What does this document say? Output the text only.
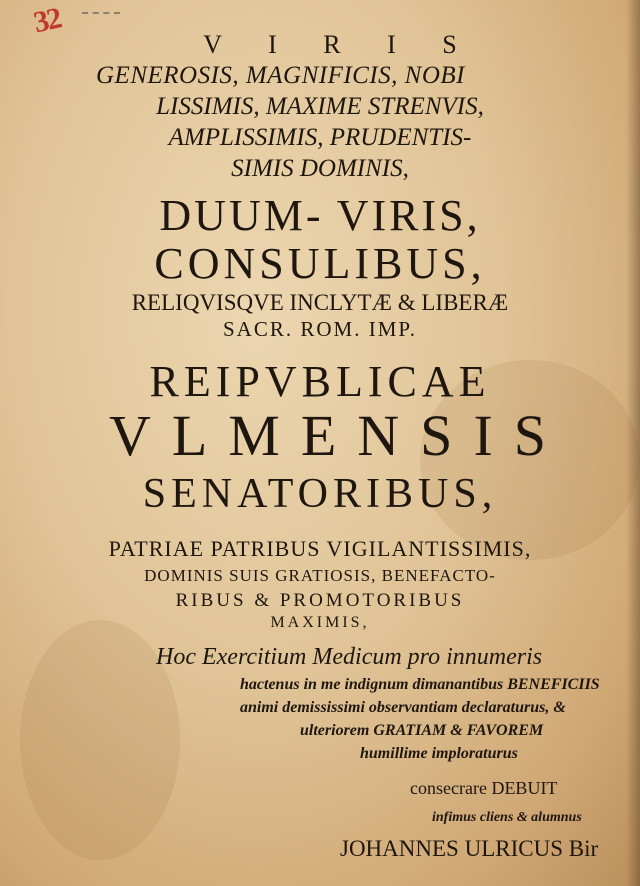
32
V I R I S
GENEROSIS, MAGNIFICIS, NOBI
LISSIMIS, MAXIME STRENVIS,
AMPLISSIMIS, PRUDENTIS-
SIMIS DOMINIS,
DUUM- VIRIS,
CONSULIBUS,
RELIQVISQVE INCLYTÆ & LIBERÆ
SACR. ROM. IMP.
REIPVBLICAE
VLMENSIS
SENATORIBUS,
PATRIAE PATRIBUS VIGILANTISSIMIS,
DOMINIS SUIS GRATIOSIS, BENEFACTO-
RIBUS & PROMOTORIBUS
MAXIMIS,
Hoc Exercitium Medicum pro innumeris
hactenus in me indignum dimanantibus BENEFICIIS
animi demississimi observantiam declaraturus, &
ulteriorem GRATIAM & FAVOREM
humillime imploraturus
consecrare DEBUIT
infimus cliens & alumnus
JOHANNES ULRICUS Bir
